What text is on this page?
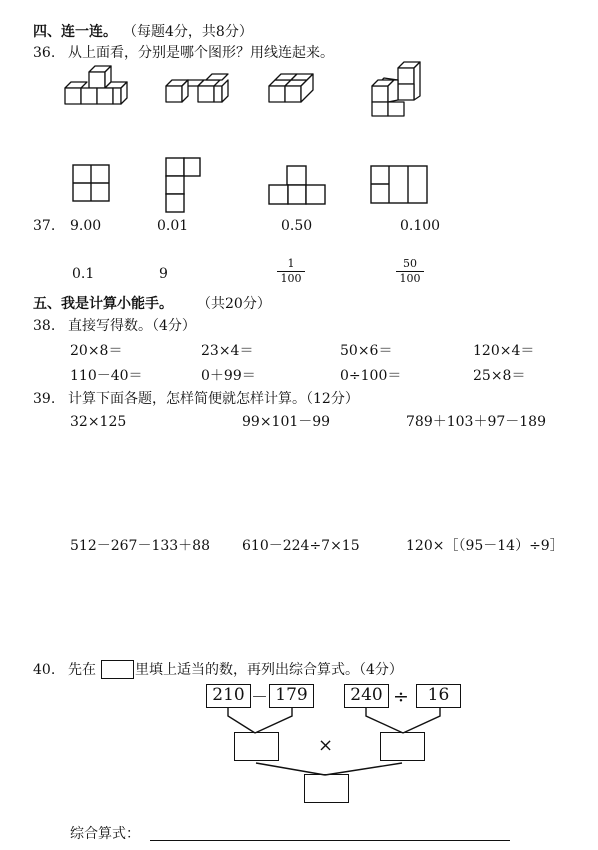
四、连一连。 （每题4分，共8分）
36. 从上面看，分别是哪个图形？用线连起来。
37. 9.00	0.01	0.50	0.100
0.1	9
1
100
50
100
五、我是计算小能手。 （共20分）
38. 直接写得数。（4分）
20×8＝	23×4＝	50×6＝	120×4＝
110－40＝	0＋99＝	0÷100＝	25×8＝
39. 计算下面各题，怎样简便就怎样计算。（12分）
32×125	99×101－99	789＋103＋97－189
512－267－133＋88 610－224÷7×15	120×［（95－14）÷9］
40. 先在	里填上适当的数，再列出综合算式。（4分）
210 － 179	240 ÷	16
×
综合算式：
